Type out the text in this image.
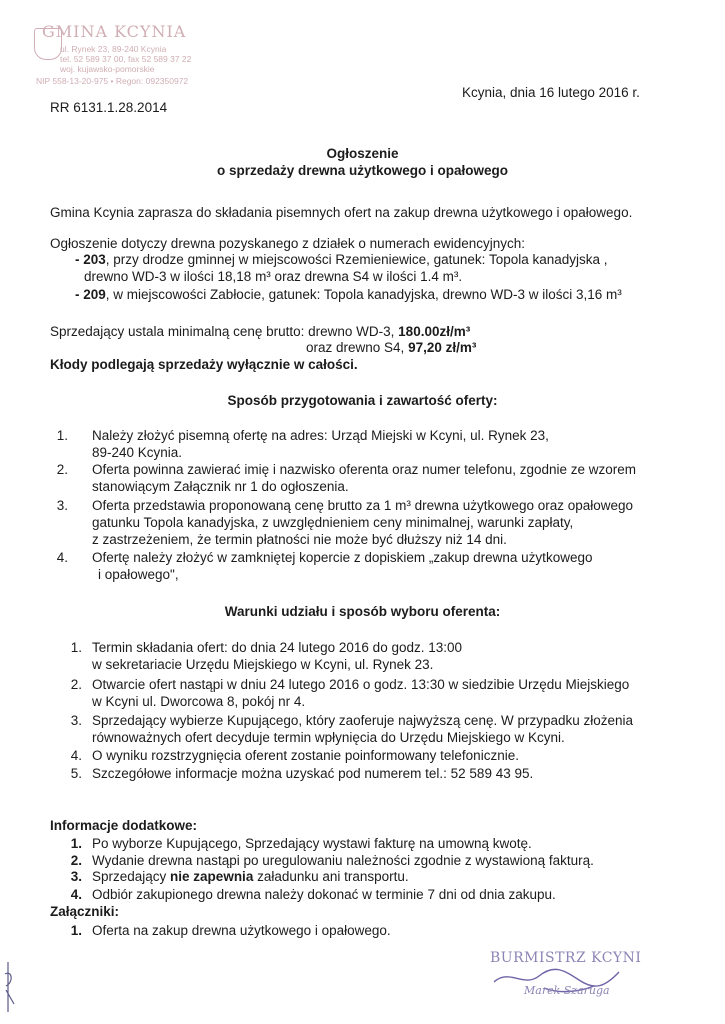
GMINA KCYNIA
ul. Rynek 23, 89-240 Kcynia
tel. 52 589 37 00, fax 52 589 37 22
woj. kujawsko-pomorskie
NIP 558-13-20-975 • Regon: 092350972
Kcynia, dnia 16 lutego 2016 r.
RR 6131.1.28.2014
Ogłoszenie
o sprzedaży drewna użytkowego i opałowego
Gmina Kcynia zaprasza do składania pisemnych ofert na zakup drewna użytkowego i opałowego.
Ogłoszenie dotyczy drewna pozyskanego z działek o numerach ewidencyjnych:
- 203, przy drodze gminnej w miejscowości Rzemieniewice, gatunek: Topola kanadyjska ,
drewno WD-3 w ilości 18,18 m³ oraz drewna S4 w ilości 1.4 m³.
- 209, w miejscowości Zabłocie, gatunek: Topola kanadyjska, drewno WD-3 w ilości 3,16 m³
Sprzedający ustala minimalną cenę brutto: drewno WD-3, 180.00zł/m³
oraz drewno S4, 97,20 zł/m³
Kłody podlegają sprzedaży wyłącznie w całości.
Sposób przygotowania i zawartość oferty:
1. Należy złożyć pisemną ofertę na adres: Urząd Miejski w Kcyni, ul. Rynek 23,
89-240 Kcynia.
2. Oferta powinna zawierać imię i nazwisko oferenta oraz numer telefonu, zgodnie ze wzorem
stanowiącym Załącznik nr 1 do ogłoszenia.
3. Oferta przedstawia proponowaną cenę brutto za 1 m³ drewna użytkowego oraz opałowego
gatunku Topola kanadyjska, z uwzględnieniem ceny minimalnej, warunki zapłaty,
z zastrzeżeniem, że termin płatności nie może być dłuższy niż 14 dni.
4. Ofertę należy złożyć w zamkniętej kopercie z dopiskiem „zakup drewna użytkowego
i opałowego",
Warunki udziału i sposób wyboru oferenta:
1. Termin składania ofert: do dnia 24 lutego 2016 do godz. 13:00
w sekretariacie Urzędu Miejskiego w Kcyni, ul. Rynek 23.
2. Otwarcie ofert nastąpi w dniu 24 lutego 2016 o godz. 13:30 w siedzibie Urzędu Miejskiego
w Kcyni ul. Dworcowa 8, pokój nr 4.
3. Sprzedający wybierze Kupującego, który zaoferuje najwyższą cenę. W przypadku złożenia
równoważnych ofert decyduje termin wpłynięcia do Urzędu Miejskiego w Kcyni.
4. O wyniku rozstrzygnięcia oferent zostanie poinformowany telefonicznie.
5. Szczegółowe informacje można uzyskać pod numerem tel.: 52 589 43 95.
Informacje dodatkowe:
1. Po wyborze Kupującego, Sprzedający wystawi fakturę na umowną kwotę.
2. Wydanie drewna nastąpi po uregulowaniu należności zgodnie z wystawioną fakturą.
3. Sprzedający nie zapewnia załadunku ani transportu.
4. Odbiór zakupionego drewna należy dokonać w terminie 7 dni od dnia zakupu.
Załączniki:
1. Oferta na zakup drewna użytkowego i opałowego.
BURMISTRZ KCYNI
Marek Szaruga
